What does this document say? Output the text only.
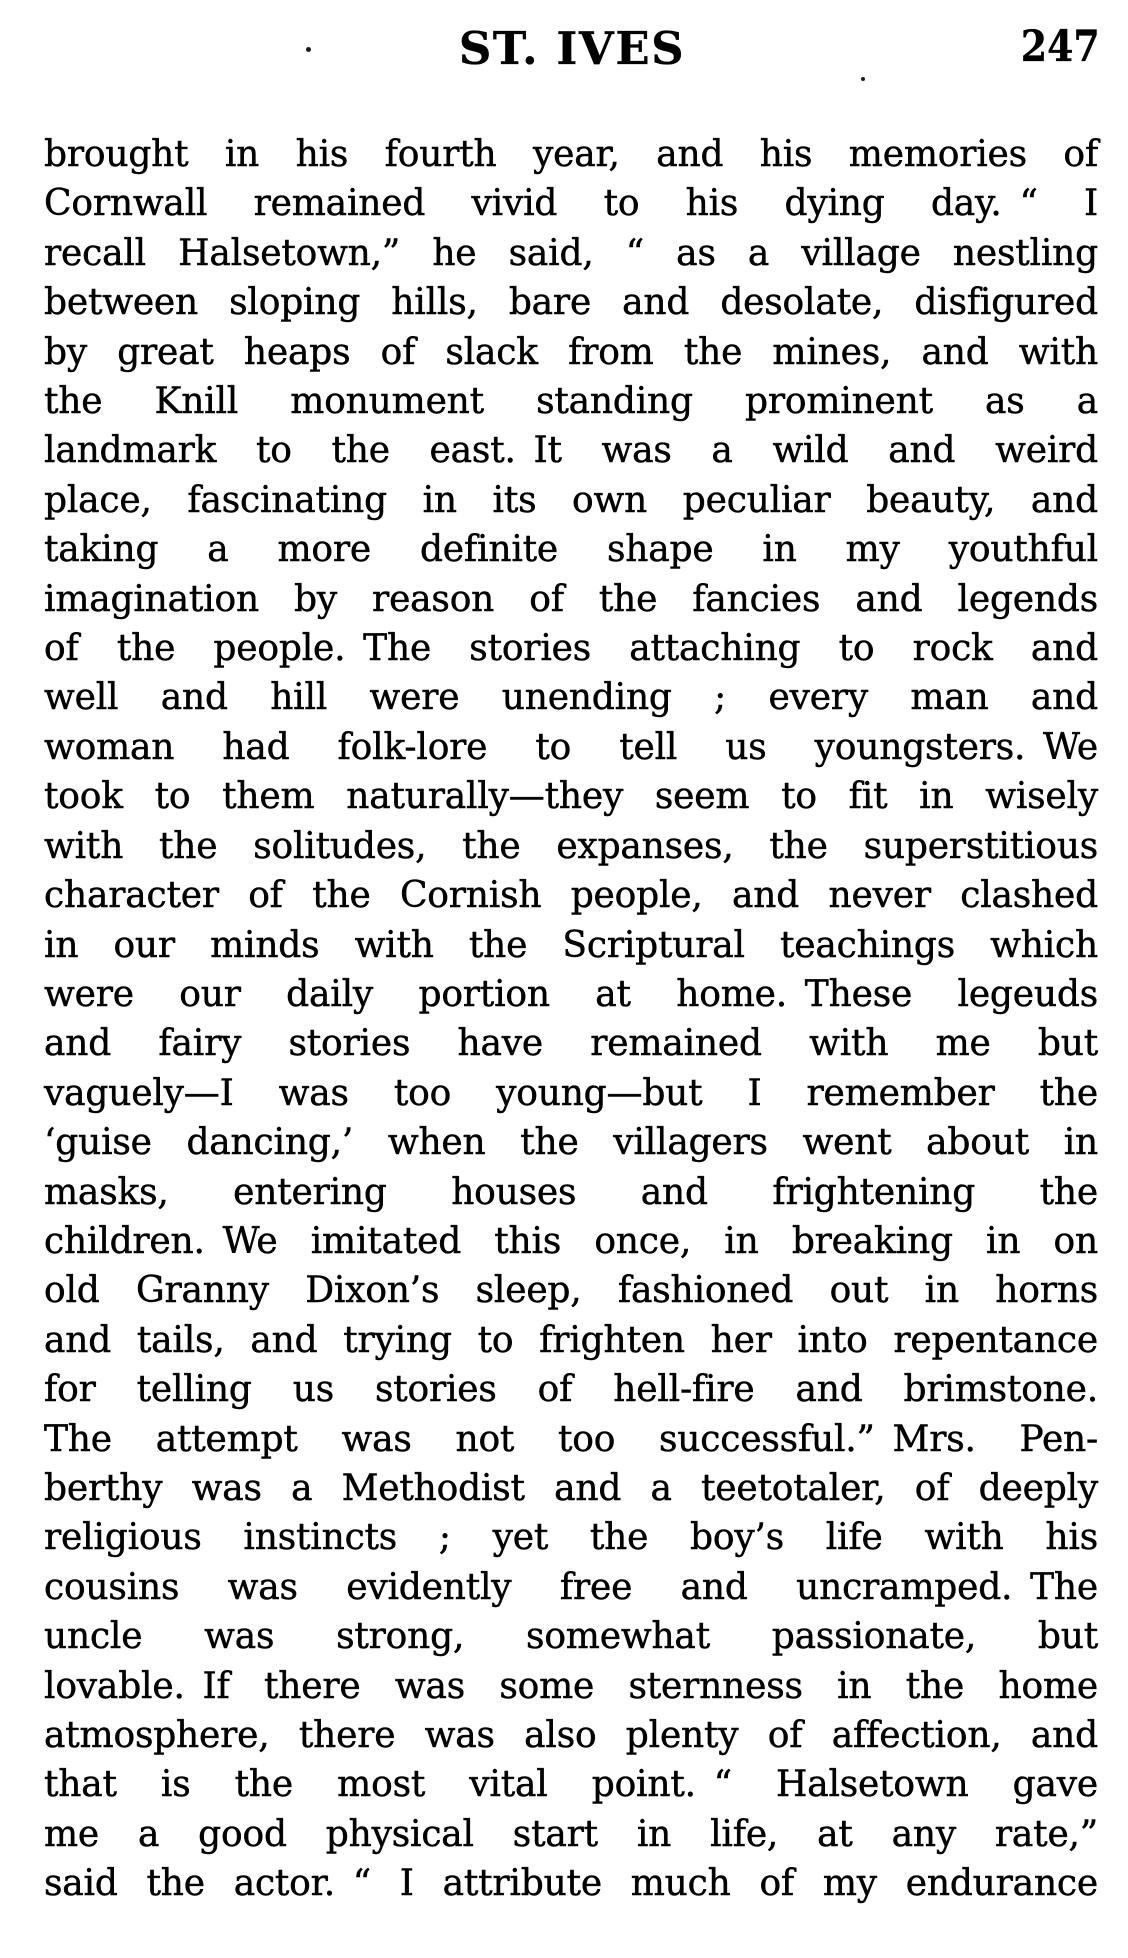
ST. IVES	247
brought in his fourth year, and his memories of
Cornwall remained vivid to his dying day. “ I
recall Halsetown,” he said, “ as a village nestling
between sloping hills, bare and desolate, disfigured
by great heaps of slack from the mines, and with
the Knill monument standing prominent as a
landmark to the east. It was a wild and weird
place, fascinating in its own peculiar beauty, and
taking a more definite shape in my youthful
imagination by reason of the fancies and legends
of the people. The stories attaching to rock and
well and hill were unending ; every man and
woman had folk-lore to tell us youngsters. We
took to them naturally—they seem to fit in wisely
with the solitudes, the expanses, the superstitious
character of the Cornish people, and never clashed
in our minds with the Scriptural teachings which
were our daily portion at home. These legeuds
and fairy stories have remained with me but
vaguely—I was too young—but I remember the
‘guise dancing,’ when the villagers went about in
masks, entering houses and frightening the
children. We imitated this once, in breaking in on
old Granny Dixon’s sleep, fashioned out in horns
and tails, and trying to frighten her into repentance
for telling us stories of hell-fire and brimstone.
The attempt was not too successful.” Mrs. Pen-
berthy was a Methodist and a teetotaler, of deeply
religious instincts ; yet the boy’s life with his
cousins was evidently free and uncramped. The
uncle was strong, somewhat passionate, but
lovable. If there was some sternness in the home
atmosphere, there was also plenty of affection, and
that is the most vital point. “ Halsetown gave
me a good physical start in life, at any rate,”
said the actor. “ I attribute much of my endurance
